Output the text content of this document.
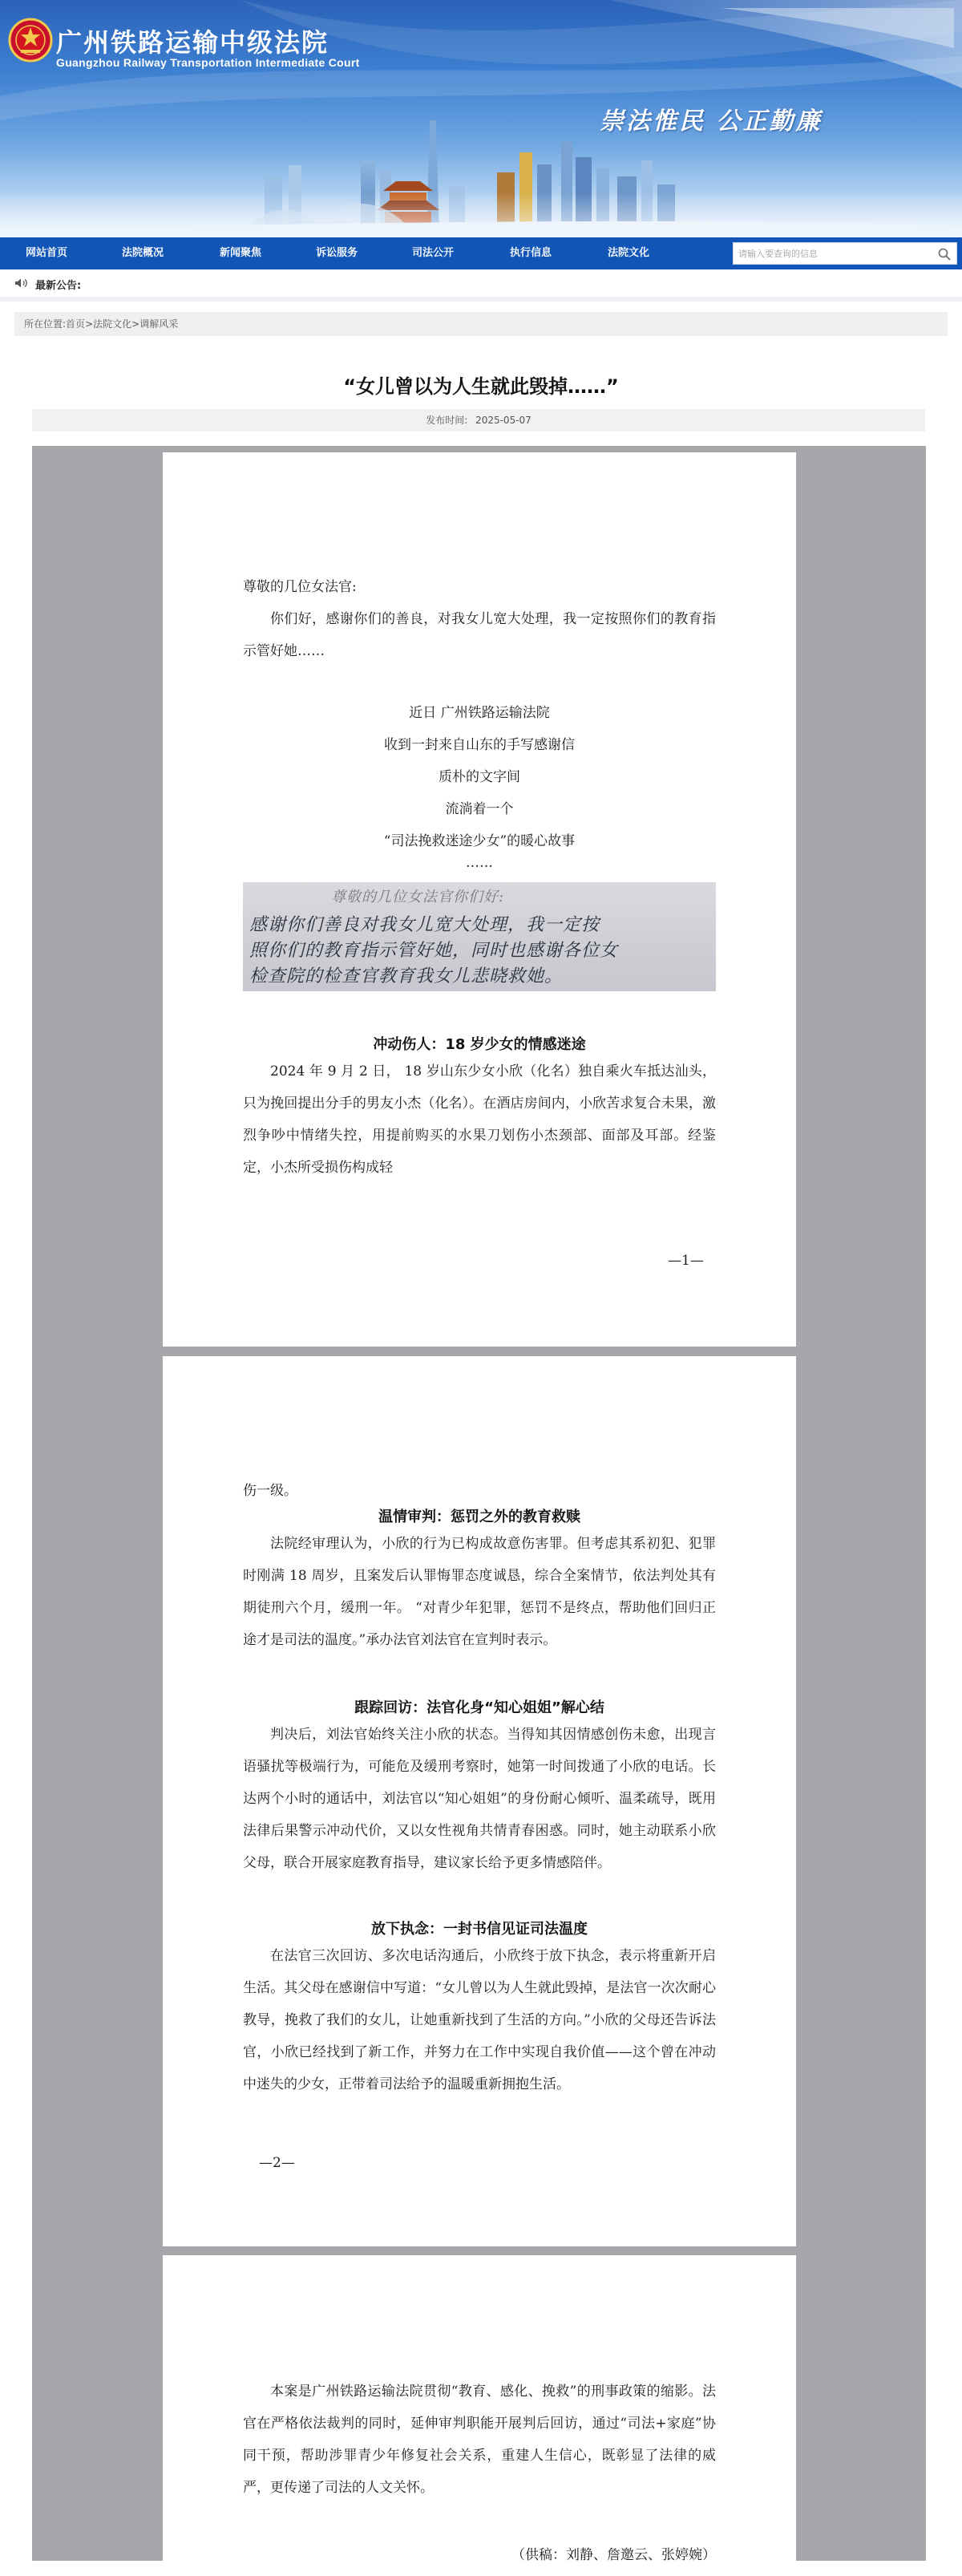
广州铁路运输中级法院
Guangzhou Railway Transportation Intermediate Court
崇法惟民 公正勤廉
网站首页	法院概况	新闻聚焦	诉讼服务	司法公开	执行信息	法院文化
请输入要查询的信息
最新公告:
所在位置:首页>法院文化>调解风采
“女儿曾以为人生就此毁掉……”
发布时间: 2025-05-07
尊敬的几位女法官:
你们好，感谢你们的善良，对我女儿宽大处理，我一定按照你们的教育指示管好她……
近日 广州铁路运输法院
收到一封来自山东的手写感谢信
质朴的文字间
流淌着一个
“司法挽救迷途少女”的暖心故事
……
尊敬的几位女法官你们好:
感谢你们善良对我女儿宽大处理，我一定按
照你们的教育指示管好她，同时也感谢各位女
检查院的检查官教育我女儿悲晓救她。
冲动伤人：18 岁少女的情感迷途
2024 年 9 月 2 日， 18 岁山东少女小欣（化名）独自乘火车抵达汕头，只为挽回提出分手的男友小杰（化名）。在酒店房间内，小欣苦求复合未果，激烈争吵中情绪失控，用提前购买的水果刀划伤小杰颈部、面部及耳部。经鉴定，小杰所受损伤构成轻
—1—
伤一级。
温情审判：惩罚之外的教育救赎
法院经审理认为，小欣的行为已构成故意伤害罪。但考虑其系初犯、犯罪时刚满 18 周岁，且案发后认罪悔罪态度诚恳，综合全案情节，依法判处其有期徒刑六个月，缓刑一年。 “对青少年犯罪，惩罚不是终点，帮助他们回归正途才是司法的温度。”承办法官刘法官在宣判时表示。
跟踪回访：法官化身“知心姐姐”解心结
判决后，刘法官始终关注小欣的状态。当得知其因情感创伤未愈，出现言语骚扰等极端行为，可能危及缓刑考察时，她第一时间拨通了小欣的电话。长达两个小时的通话中，刘法官以“知心姐姐”的身份耐心倾听、温柔疏导，既用法律后果警示冲动代价，又以女性视角共情青春困惑。同时，她主动联系小欣父母，联合开展家庭教育指导，建议家长给予更多情感陪伴。
放下执念：一封书信见证司法温度
在法官三次回访、多次电话沟通后，小欣终于放下执念，表示将重新开启生活。其父母在感谢信中写道：“女儿曾以为人生就此毁掉，是法官一次次耐心教导，挽救了我们的女儿，让她重新找到了生活的方向。”小欣的父母还告诉法官，小欣已经找到了新工作，并努力在工作中实现自我价值——这个曾在冲动中迷失的少女，正带着司法给予的温暖重新拥抱生活。
—2—
本案是广州铁路运输法院贯彻“教育、感化、挽救”的刑事政策的缩影。法官在严格依法裁判的同时，延伸审判职能开展判后回访，通过“司法+家庭”协同干预，帮助涉罪青少年修复社会关系，重建人生信心，既彰显了法律的威严，更传递了司法的人文关怀。
（供稿：刘静、詹邀云、张婷婉）
